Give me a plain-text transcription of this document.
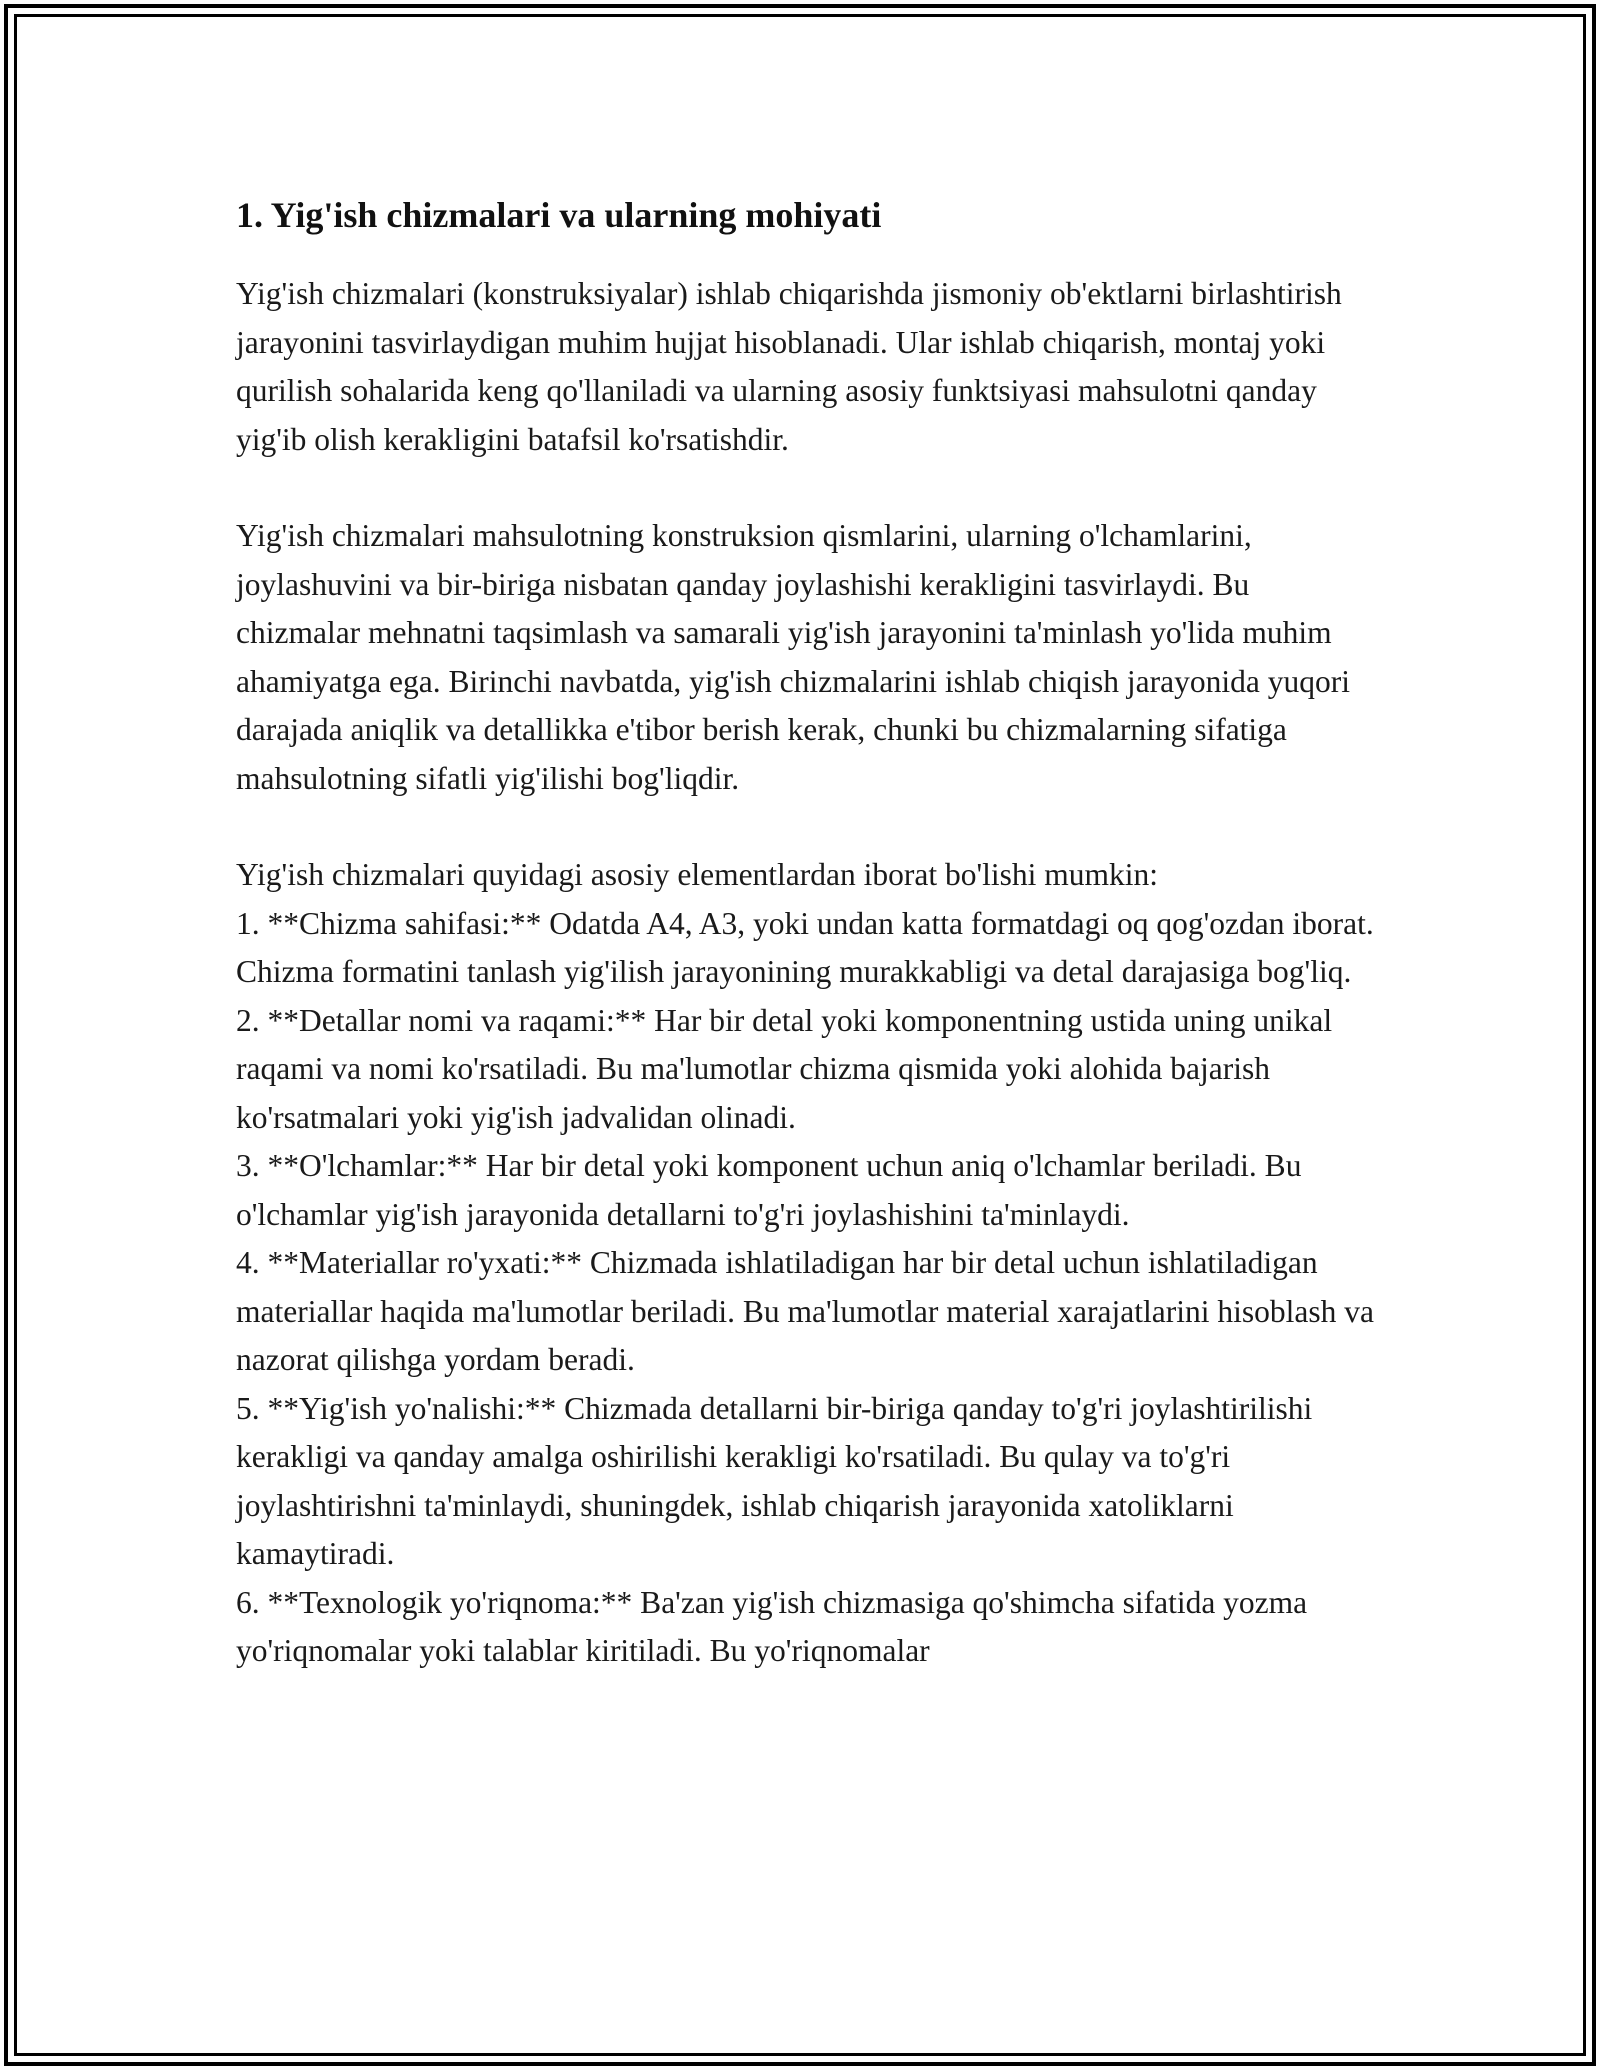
1. Yig'ish chizmalari va ularning mohiyati

Yig'ish chizmalari (konstruksiyalar) ishlab chiqarishda jismoniy ob'ektlarni birlashtirish jarayonini tasvirlaydigan muhim hujjat hisoblanadi. Ular ishlab chiqarish, montaj yoki qurilish sohalarida keng qo'llaniladi va ularning asosiy funktsiyasi mahsulotni qanday yig'ib olish kerakligini batafsil ko'rsatishdir.

Yig'ish chizmalari mahsulotning konstruksion qismlarini, ularning o'lchamlarini, joylashuvini va bir-biriga nisbatan qanday joylashishi kerakligini tasvirlaydi. Bu chizmalar mehnatni taqsimlash va samarali yig'ish jarayonini ta'minlash yo'lida muhim ahamiyatga ega. Birinchi navbatda, yig'ish chizmalarini ishlab chiqish jarayonida yuqori darajada aniqlik va detallikka e'tibor berish kerak, chunki bu chizmalarning sifatiga mahsulotning sifatli yig'ilishi bog'liqdir.

Yig'ish chizmalari quyidagi asosiy elementlardan iborat bo'lishi mumkin:

1. **Chizma sahifasi:** Odatda A4, A3, yoki undan katta formatdagi oq qog'ozdan iborat. Chizma formatini tanlash yig'ilish jarayonining murakkabligi va detal darajasiga bog'liq.

2. **Detallar nomi va raqami:** Har bir detal yoki komponentning ustida uning unikal raqami va nomi ko'rsatiladi. Bu ma'lumotlar chizma qismida yoki alohida bajarish ko'rsatmalari yoki yig'ish jadvalidan olinadi.

3. **O'lchamlar:** Har bir detal yoki komponent uchun aniq o'lchamlar beriladi. Bu o'lchamlar yig'ish jarayonida detallarni to'g'ri joylashishini ta'minlaydi.

4. **Materiallar ro'yxati:** Chizmada ishlatiladigan har bir detal uchun ishlatiladigan materiallar haqida ma'lumotlar beriladi. Bu ma'lumotlar material xarajatlarini hisoblash va nazorat qilishga yordam beradi.

5. **Yig'ish yo'nalishi:** Chizmada detallarni bir-biriga qanday to'g'ri joylashtirilishi kerakligi va qanday amalga oshirilishi kerakligi ko'rsatiladi. Bu qulay va to'g'ri joylashtirishni ta'minlaydi, shuningdek, ishlab chiqarish jarayonida xatoliklarni kamaytiradi.

6. **Texnologik yo'riqnoma:** Ba'zan yig'ish chizmasiga qo'shimcha sifatida yozma yo'riqnomalar yoki talablar kiritiladi. Bu yo'riqnomalar
